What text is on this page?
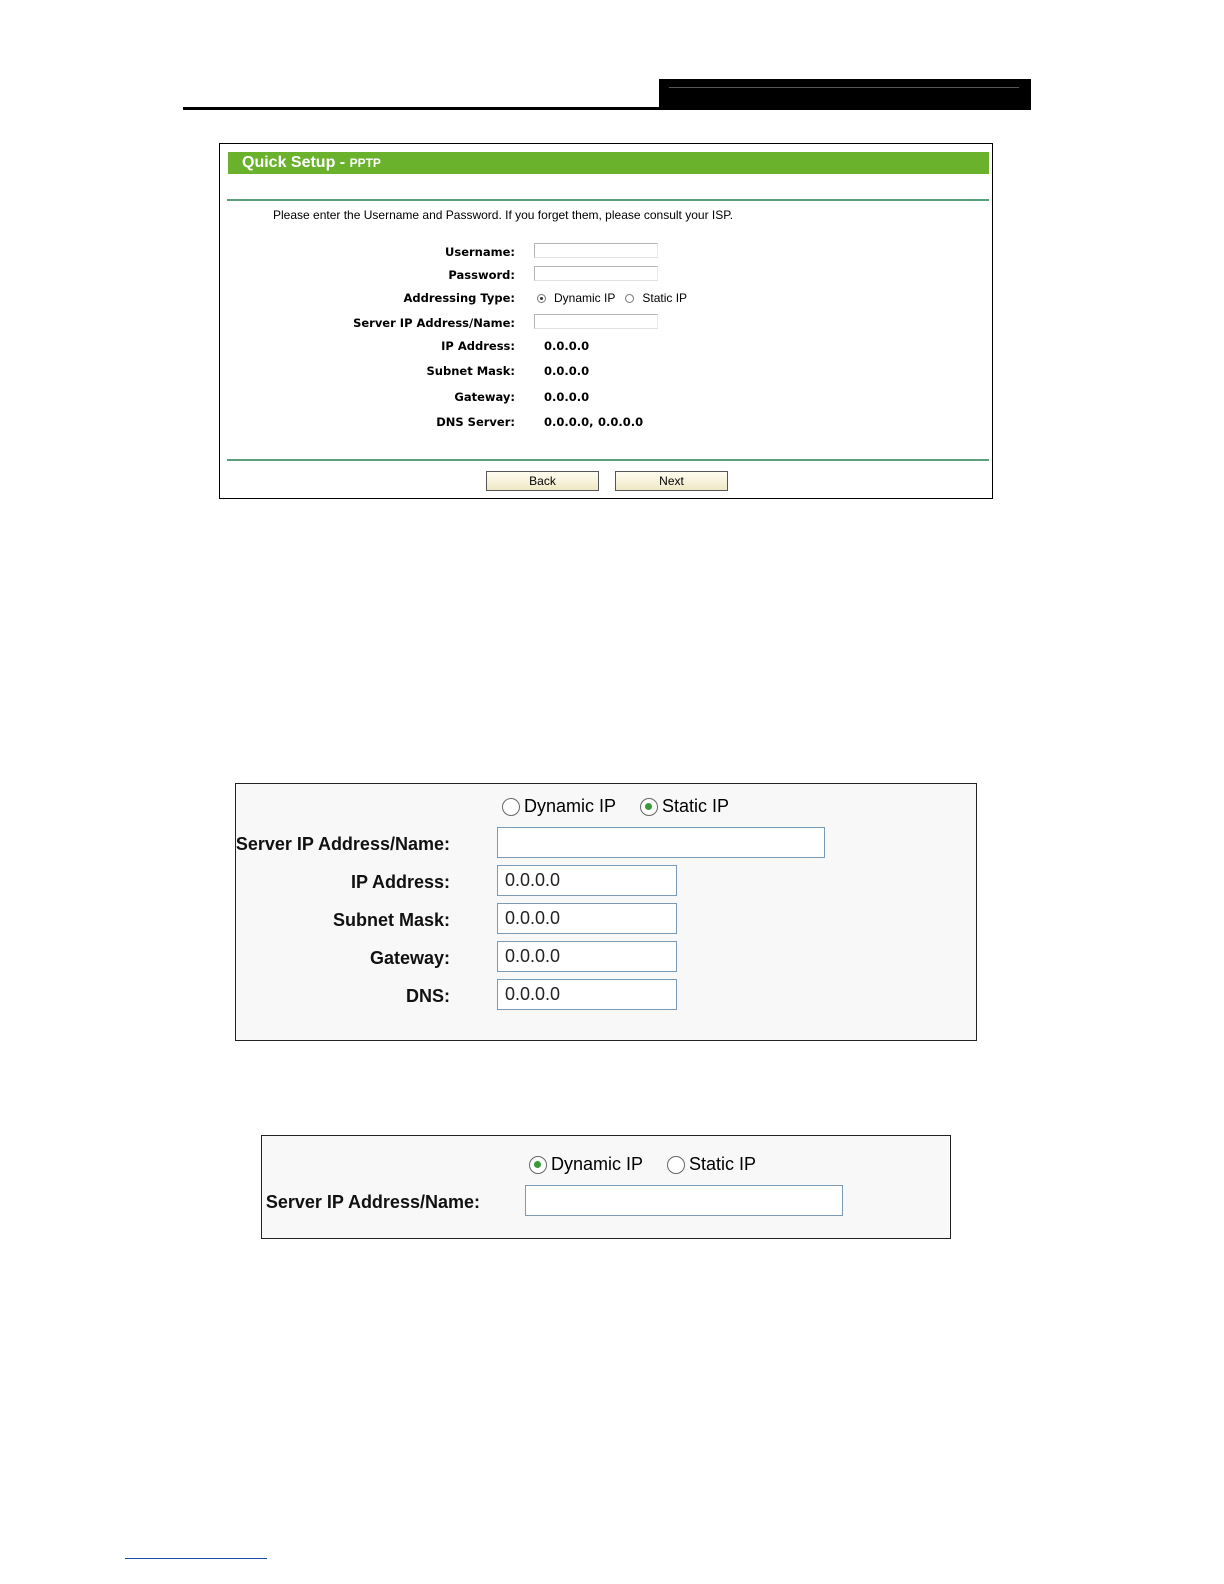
Quick Setup - PPTP
Please enter the Username and Password. If you forget them, please consult your ISP.
Username:
Password:
Addressing Type:	Dynamic IP Static IP
Server IP Address/Name:
IP Address:	0.0.0.0
Subnet Mask:	0.0.0.0
Gateway:	0.0.0.0
DNS Server:	0.0.0.0, 0.0.0.0
Back	Next
Dynamic IP	Static IP
Server IP Address/Name:
IP Address:
0.0.0.0
Subnet Mask:
0.0.0.0
Gateway:
0.0.0.0
DNS:
0.0.0.0
Dynamic IP	Static IP
Server IP Address/Name:
